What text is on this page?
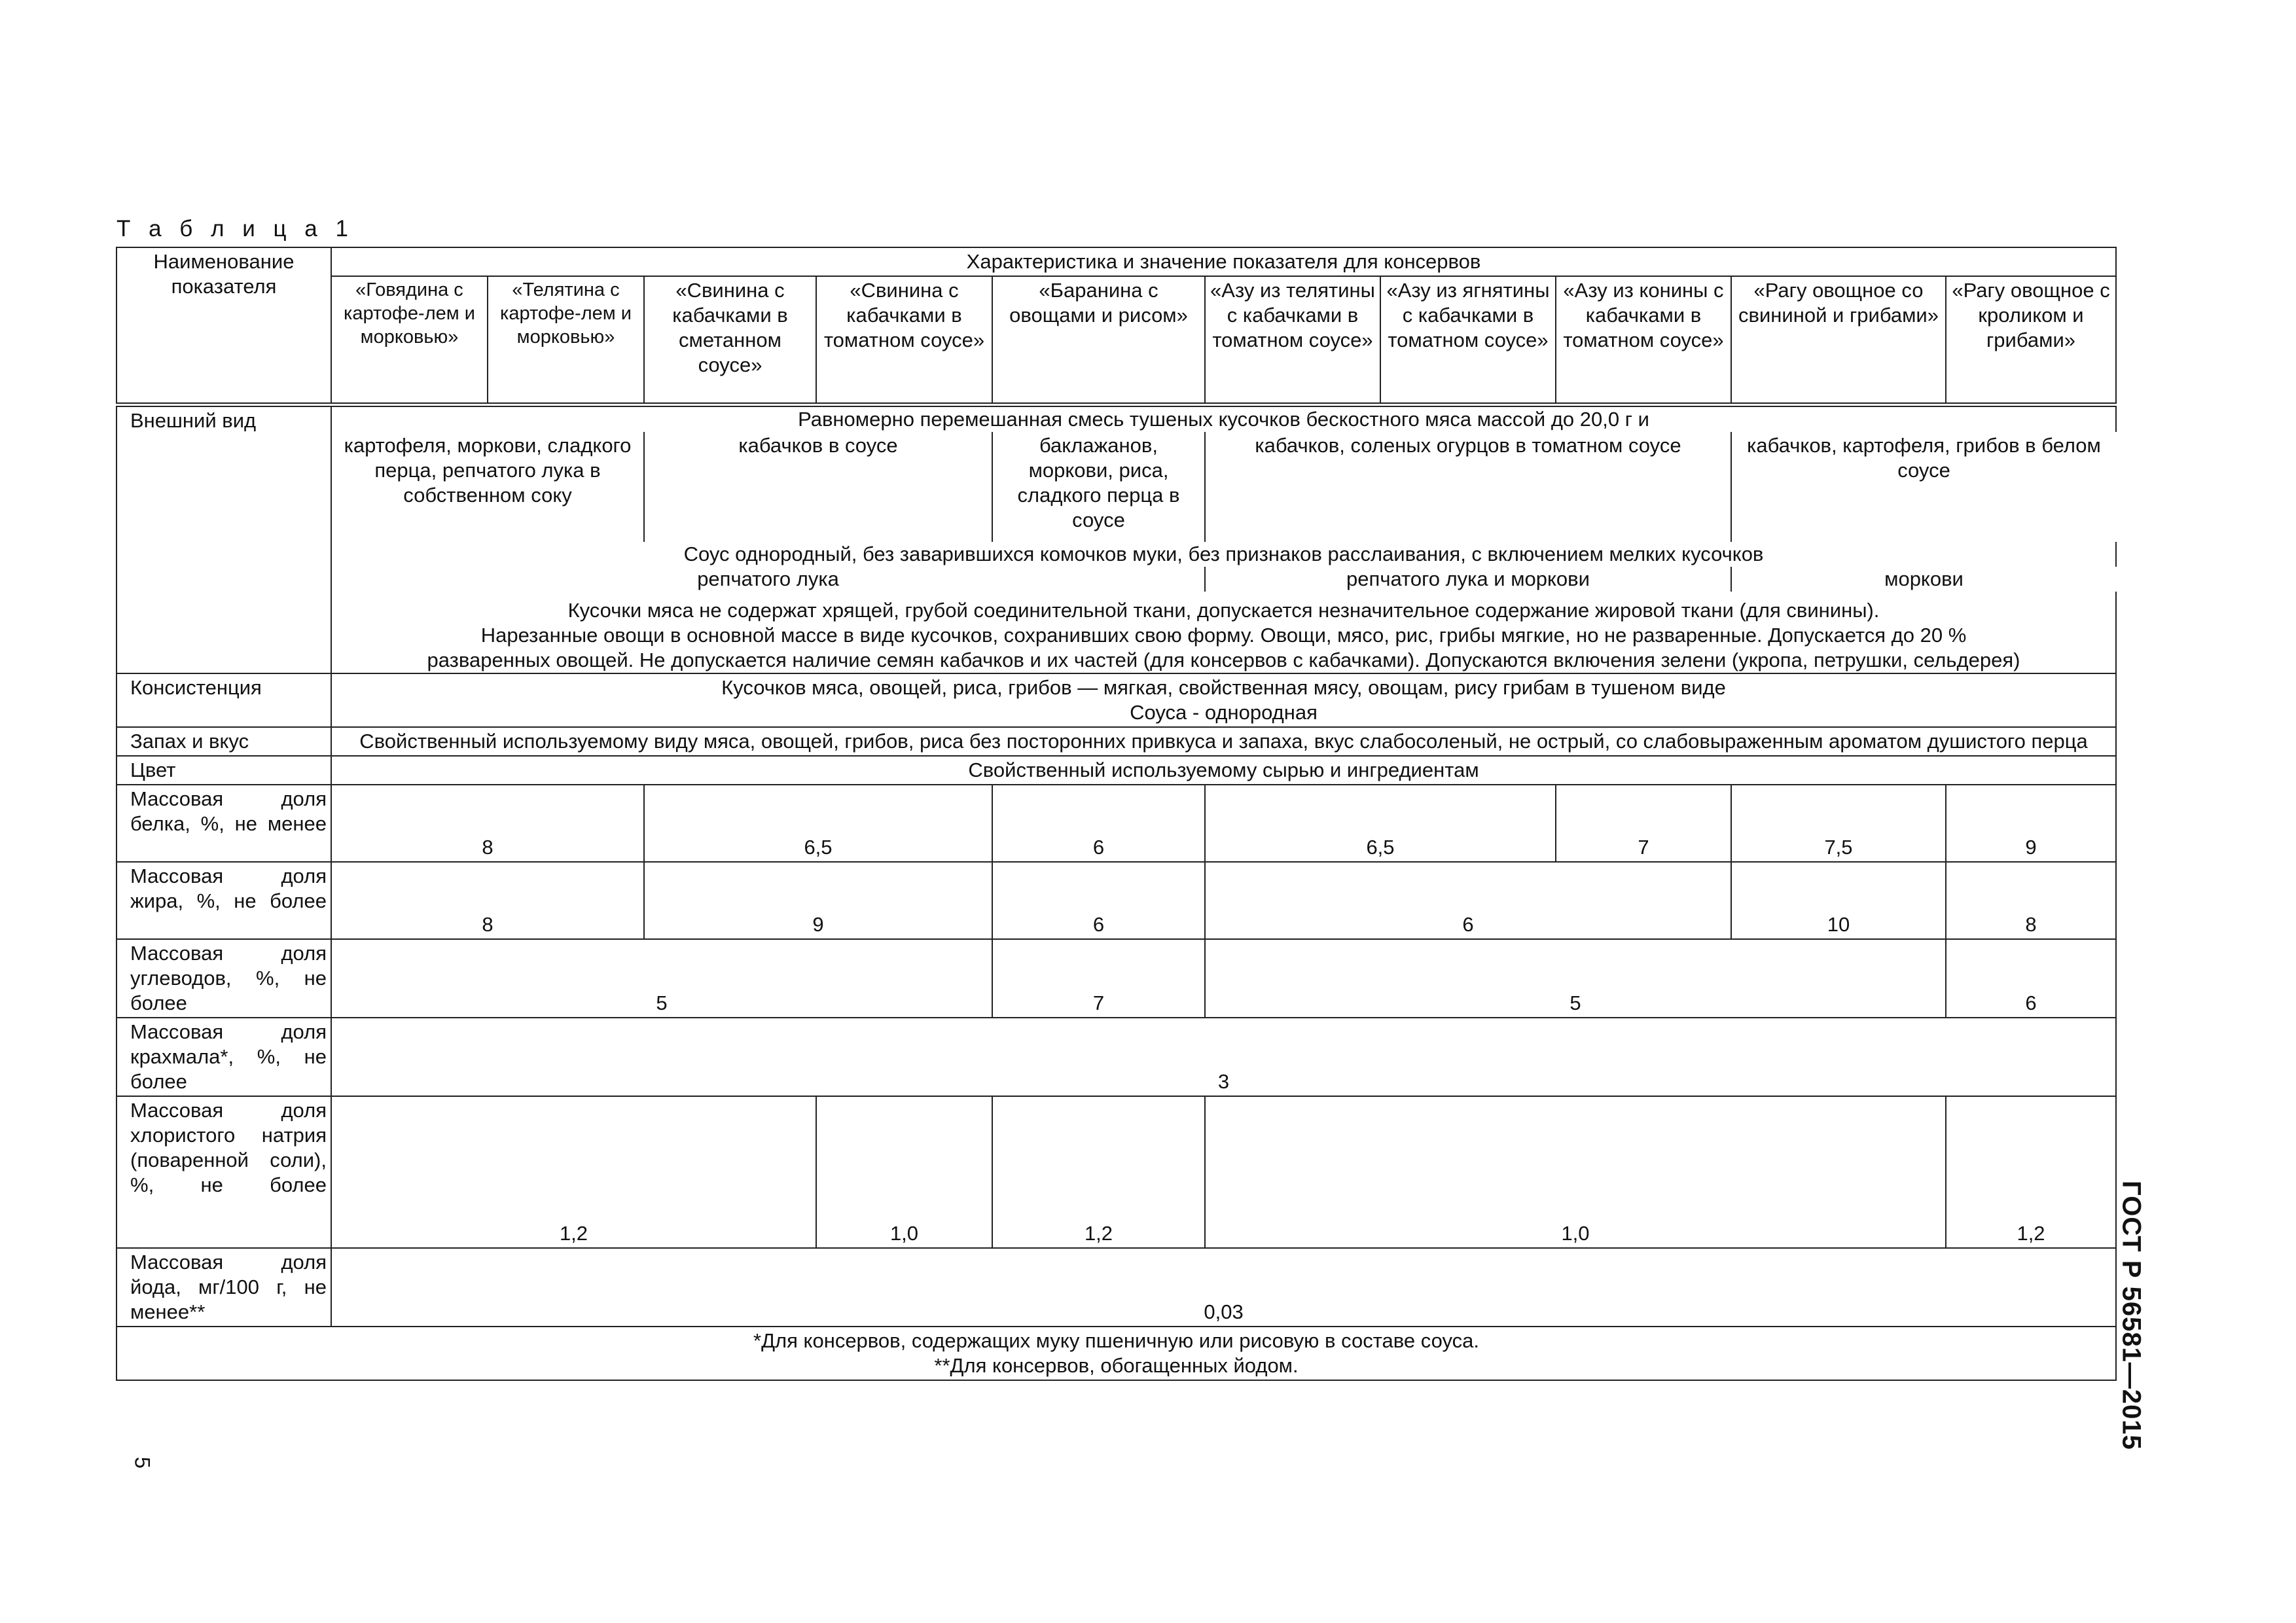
Т а б л и ц а 1
Наименование показателя	Характеристика и значение показателя для консервов									
	«Говядина с картофе-лем и морковью»	«Телятина с картофе-лем и морковью»	«Свинина с кабачками в сметанном соусе»	«Свинина с кабачками в томатном соусе»	«Баранина с овощами и рисом»	«Азу из телятины с кабачками в томатном соусе»	«Азу из ягнятины с кабачками в томатном соусе»	«Азу из конины с кабачками в томатном соусе»	«Рагу овощное со свининой и грибами»	«Рагу овощное с кроликом и грибами»
Внешний вид	Равномерно перемешанная смесь тушеных кусочков бескостного мяса массой до 20,0 г и									
	картофеля, моркови, сладкого перца, репчатого лука в собственном соку		кабачков в соусе		баклажанов, моркови, риса, сладкого перца в соусе	кабачков, соленых огурцов в томатном соусе			кабачков, картофеля, грибов в белом соусе	
	Соус однородный, без заварившихся комочков муки, без признаков расслаивания, с включением мелких кусочков									
	репчатого лука					репчатого лука и моркови			моркови	

	Кусочки мяса не содержат хрящей, грубой соединительной ткани, допускается незначительное содержание жировой ткани (для свинины).
Нарезанные овощи в основной массе в виде кусочков, сохранивших свою форму. Овощи, мясо, рис, грибы мягкие, но не разваренные. Допускается до 20 %
разваренных овощей. Не допускается наличие семян кабачков и их частей (для консервов с кабачками). Допускаются включения зелени (укропа, петрушки, сельдерея)									

Консистенция	Кусочков мяса, овощей, риса, грибов — мягкая, свойственная мясу, овощам, рису грибам в тушеном виде
Соуса - однородная									

Запах и вкус	Свойственный используемому виду мяса, овощей, грибов, риса без посторонних привкуса и запаха, вкус слабосоленый, не острый, со слабовыраженным ароматом душистого перца									
Цвет	Свойственный используемому сырью и ингредиентам									
Массовая доля белка, %, не менее	8		6,5		6	6,5		7	7,5	9
Массовая доля жира, %, не более	8		9		6	6			10	8
Массовая доля углеводов, %, не более	5				7	5				6
Массовая доля крахмала*, %, не более	3									
Массовая доля хлористого натрия (поваренной соли), %, не более	1,2			1,0	1,2	1,0				1,2
Массовая доля йода, мг/100 г, не менее**	0,03									

*Для консервов, содержащих муку пшеничную или рисовую в составе соуса.
**Для консервов, обогащенных йодом.											ГОСТ Р 56581—2015
5
